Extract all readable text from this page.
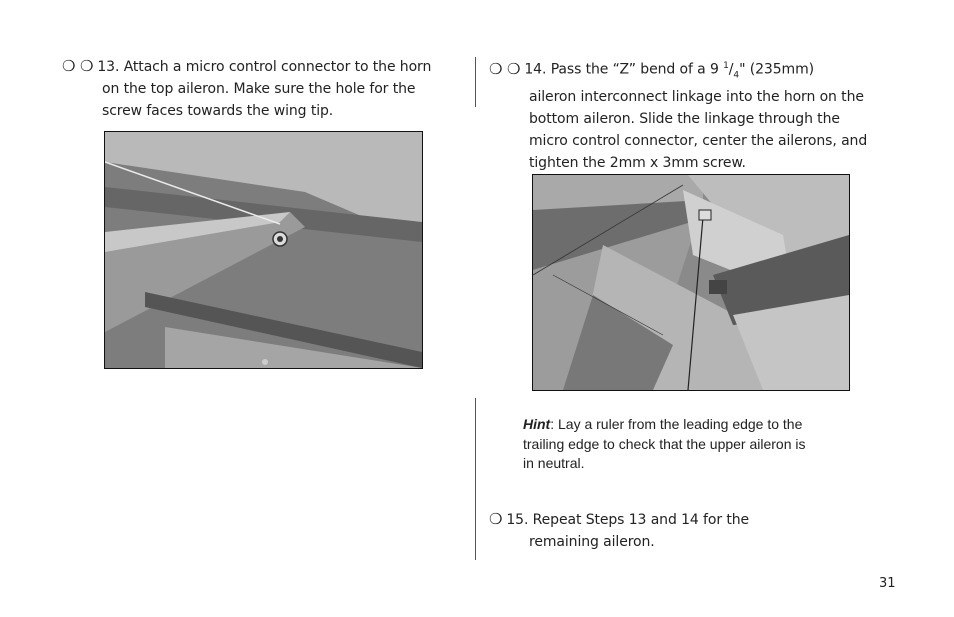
❍ ❍ 13. Attach a micro control connector to the horn
on the top aileron. Make sure the hole for the
screw faces towards the wing tip.
❍ ❍ 14. Pass the “Z” bend of a 9 $^1/_4$" (235mm)
aileron interconnect linkage into the horn on the
bottom aileron. Slide the linkage through the
micro control connector, center the ailerons, and
tighten the 2mm x 3mm screw.
Hint: Lay a ruler from the leading edge to the
trailing edge to check that the upper aileron is
in neutral.
❍ 15. Repeat Steps 13 and 14 for the
remaining aileron.
31
